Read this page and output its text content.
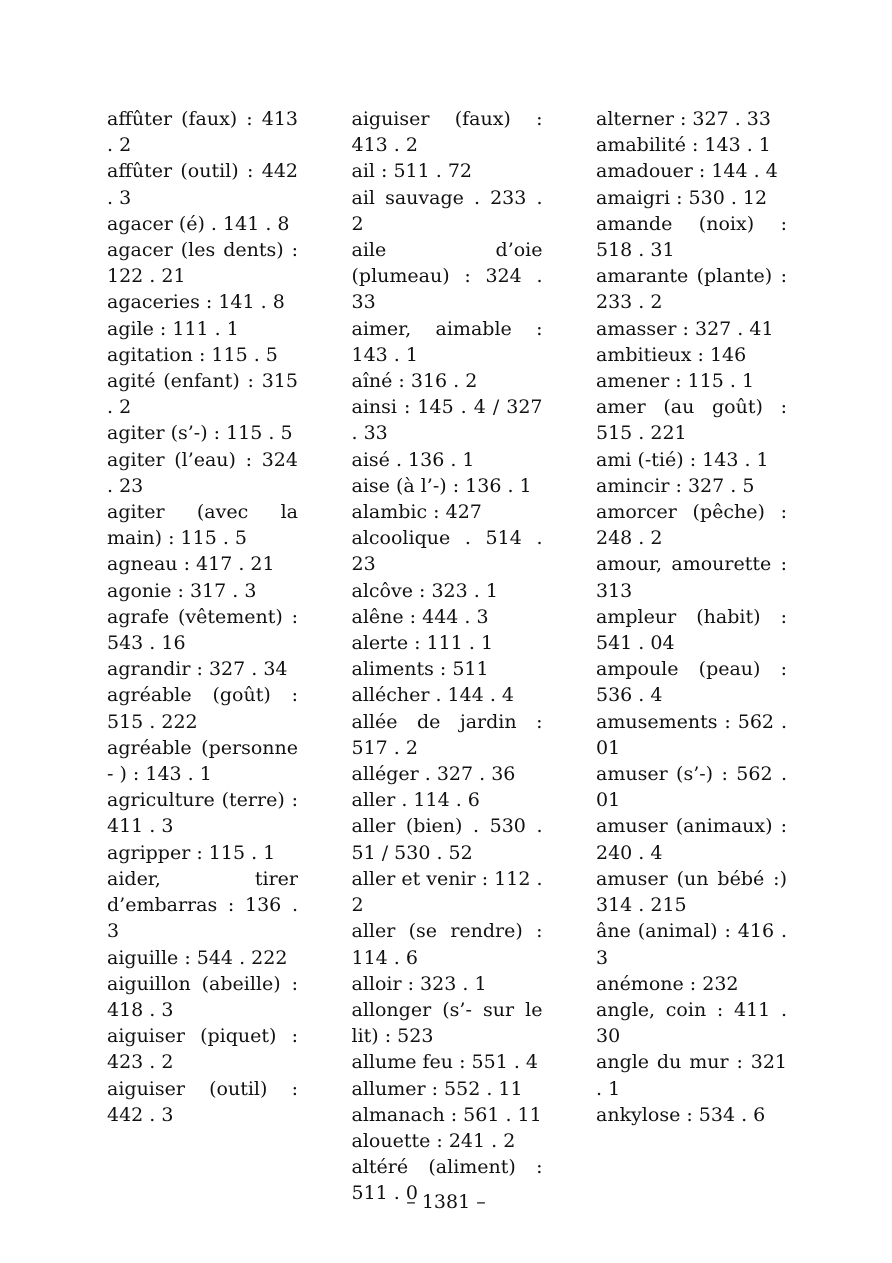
affûter (faux) : 413 . 2
affûter (outil) : 442 . 3
agacer (é) . 141 . 8
agacer (les dents) : 122 . 21
agaceries : 141 . 8
agile : 111 . 1
agitation : 115 . 5
agité (enfant) : 315 . 2
agiter (s’-) : 115 . 5
agiter (l’eau) : 324 . 23
agiter (avec la main) : 115 . 5
agneau : 417 . 21
agonie : 317 . 3
agrafe (vêtement) : 543 . 16
agrandir : 327 . 34
agréable (goût) : 515 . 222
agréable (personne - ) : 143 . 1
agriculture (terre) : 411 . 3
agripper : 115 . 1
aider, tirer d’embarras : 136 . 3
aiguille : 544 . 222
aiguillon (abeille) : 418 . 3
aiguiser (piquet) : 423 . 2
aiguiser (outil) : 442 . 3
aiguiser (faux) : 413 . 2
ail : 511 . 72
ail sauvage . 233 . 2
aile d’oie (plumeau) : 324 . 33
aimer, aimable : 143 . 1
aîné : 316 . 2
ainsi : 145 . 4 / 327 . 33
aisé . 136 . 1
aise (à l’-) : 136 . 1
alambic : 427
alcoolique . 514 . 23
alcôve : 323 . 1
alêne : 444 . 3
alerte : 111 . 1
aliments : 511
allécher . 144 . 4
allée de jardin : 517 . 2
alléger . 327 . 36
aller . 114 . 6
aller (bien) . 530 . 51 / 530 . 52
aller et venir : 112 . 2
aller (se rendre) : 114 . 6
alloir : 323 . 1
allonger (s’- sur le lit) : 523
allume feu : 551 . 4
allumer : 552 . 11
almanach : 561 . 11
alouette : 241 . 2
altéré (aliment) : 511 . 0
alterner : 327 . 33
amabilité : 143 . 1
amadouer : 144 . 4
amaigri : 530 . 12
amande (noix) : 518 . 31
amarante (plante) : 233 . 2
amasser : 327 . 41
ambitieux : 146
amener : 115 . 1
amer (au goût) : 515 . 221
ami (-tié) : 143 . 1
amincir : 327 . 5
amorcer (pêche) : 248 . 2
amour, amourette : 313
ampleur (habit) : 541 . 04
ampoule (peau) : 536 . 4
amusements : 562 . 01
amuser (s’-) : 562 . 01
amuser (animaux) : 240 . 4
amuser (un bébé :) 314 . 215
âne (animal) : 416 . 3
anémone : 232
angle, coin : 411 . 30
angle du mur : 321 . 1
ankylose : 534 . 6
– 1381 –
